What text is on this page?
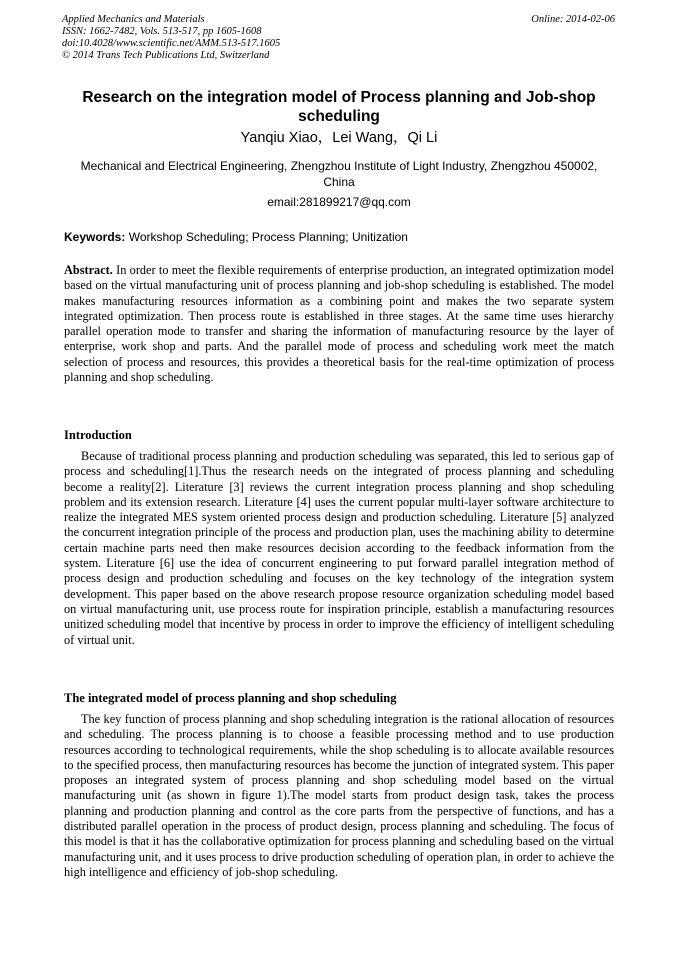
Applied Mechanics and Materials
ISSN: 1662-7482, Vols. 513-517, pp 1605-1608
doi:10.4028/www.scientific.net/AMM.513-517.1605
© 2014 Trans Tech Publications Ltd, Switzerland
Online: 2014-02-06
Research on the integration model of Process planning and Job-shop scheduling
Yanqiu Xiao，Lei Wang，Qi Li
Mechanical and Electrical Engineering, Zhengzhou Institute of Light Industry, Zhengzhou 450002, China
email:281899217@qq.com
Keywords: Workshop Scheduling; Process Planning; Unitization
Abstract. In order to meet the flexible requirements of enterprise production, an integrated optimization model based on the virtual manufacturing unit of process planning and job-shop scheduling is established. The model makes manufacturing resources information as a combining point and makes the two separate system integrated optimization. Then process route is established in three stages. At the same time uses hierarchy parallel operation mode to transfer and sharing the information of manufacturing resource by the layer of enterprise, work shop and parts. And the parallel mode of process and scheduling work meet the match selection of process and resources, this provides a theoretical basis for the real-time optimization of process planning and shop scheduling.
Introduction
Because of traditional process planning and production scheduling was separated, this led to serious gap of process and scheduling[1].Thus the research needs on the integrated of process planning and scheduling become a reality[2]. Literature [3] reviews the current integration process planning and shop scheduling problem and its extension research. Literature [4] uses the current popular multi-layer software architecture to realize the integrated MES system oriented process design and production scheduling. Literature [5] analyzed the concurrent integration principle of the process and production plan, uses the machining ability to determine certain machine parts need then make resources decision according to the feedback information from the system. Literature [6] use the idea of concurrent engineering to put forward parallel integration method of process design and production scheduling and focuses on the key technology of the integration system development. This paper based on the above research propose resource organization scheduling model based on virtual manufacturing unit, use process route for inspiration principle, establish a manufacturing resources unitized scheduling model that incentive by process in order to improve the efficiency of intelligent scheduling of virtual unit.
The integrated model of process planning and shop scheduling
The key function of process planning and shop scheduling integration is the rational allocation of resources and scheduling. The process planning is to choose a feasible processing method and to use production resources according to technological requirements, while the shop scheduling is to allocate available resources to the specified process, then manufacturing resources has become the junction of integrated system. This paper proposes an integrated system of process planning and shop scheduling model based on the virtual manufacturing unit (as shown in figure 1).The model starts from product design task, takes the process planning and production planning and control as the core parts from the perspective of functions, and has a distributed parallel operation in the process of product design, process planning and scheduling. The focus of this model is that it has the collaborative optimization for process planning and scheduling based on the virtual manufacturing unit, and it uses process to drive production scheduling of operation plan, in order to achieve the high intelligence and efficiency of job-shop scheduling.
